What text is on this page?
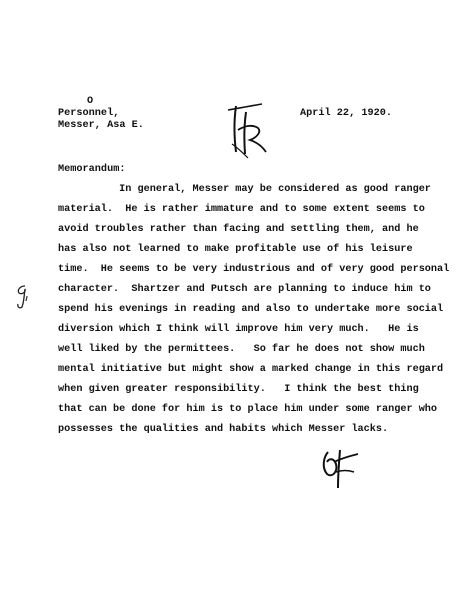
O
Personnel,
Messer, Asa E.
April 22, 1920.
Memorandum:
In general, Messer may be considered as good ranger
material.  He is rather immature and to some extent seems to
avoid troubles rather than facing and settling them, and he
has also not learned to make profitable use of his leisure
time.  He seems to be very industrious and of very good personal
character.  Shartzer and Putsch are planning to induce him to
spend his evenings in reading and also to undertake more social
diversion which I think will improve him very much.   He is
well liked by the permittees.   So far he does not show much
mental initiative but might show a marked change in this regard
when given greater responsibility.   I think the best thing
that can be done for him is to place him under some ranger who
possesses the qualities and habits which Messer lacks.
